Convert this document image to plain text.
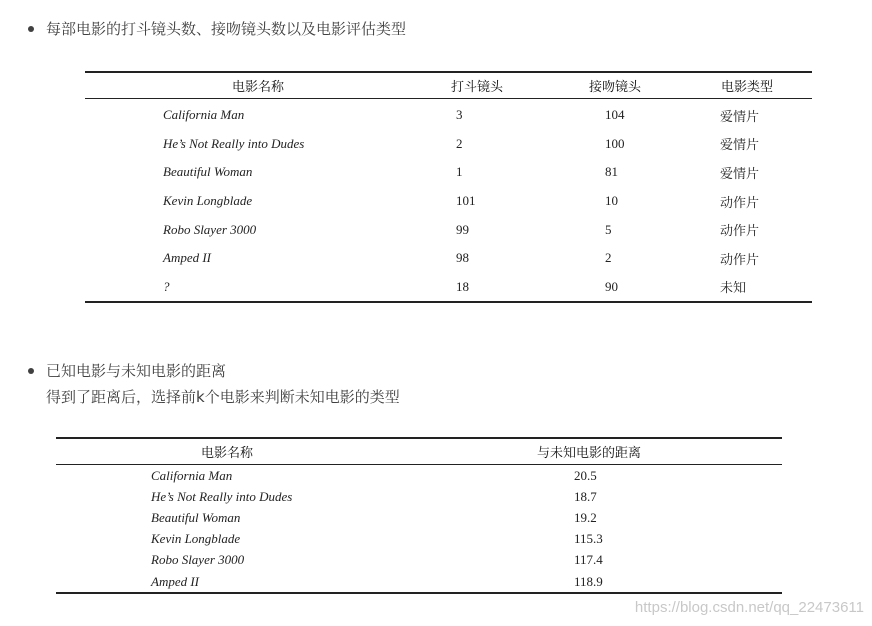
每部电影的打斗镜头数、接吻镜头数以及电影评估类型
电影名称		打斗镜头	接吻镜头	电影类型
	California Man	3	104	爱情片
	He’s Not Really into Dudes	2	100	爱情片
	Beautiful Woman	1	81	爱情片
	Kevin Longblade	101	10	动作片
	Robo Slayer 3000	99	5	动作片
	Amped II	98	2	动作片
	?	18	90	未知
已知电影与未知电影的距离
得到了距离后，选择前k个电影来判断未知电影的类型
电影名称		与未知电影的距离
	California Man	20.5
	He’s Not Really into Dudes	18.7
	Beautiful Woman	19.2
	Kevin Longblade	115.3
	Robo Slayer 3000	117.4
	Amped II	118.9
https://blog.csdn.net/qq_22473611
